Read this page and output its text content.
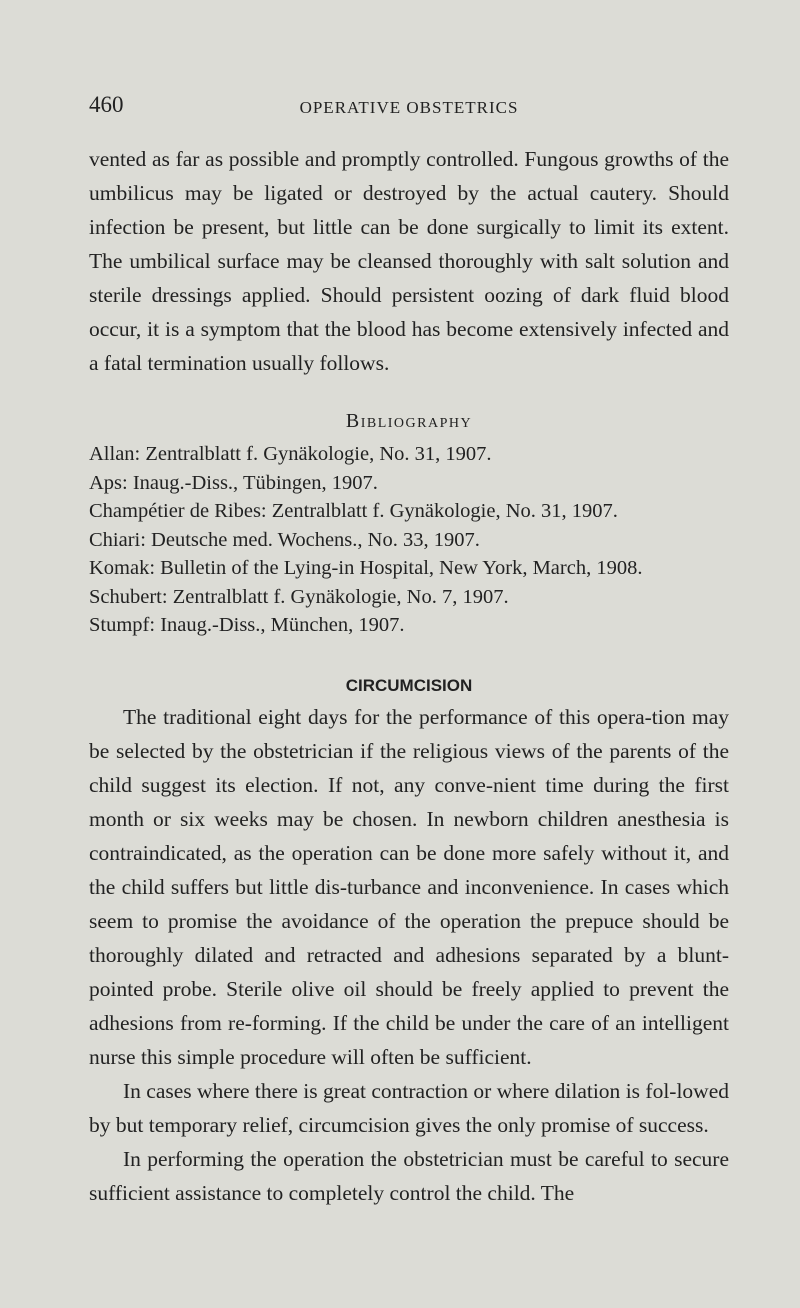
460	OPERATIVE OBSTETRICS

vented as far as possible and promptly controlled. Fungous growths of the umbilicus may be ligated or destroyed by the actual cautery. Should infection be present, but little can be done surgically to limit its extent. The umbilical surface may be cleansed thoroughly with salt solution and sterile dressings applied. Should persistent oozing of dark fluid blood occur, it is a symptom that the blood has become extensively infected and a fatal termination usually follows.

Bibliography

Allan: Zentralblatt f. Gynäkologie, No. 31, 1907.
Aps: Inaug.-Diss., Tübingen, 1907.
Champétier de Ribes: Zentralblatt f. Gynäkologie, No. 31, 1907.
Chiari: Deutsche med. Wochens., No. 33, 1907.
Komak: Bulletin of the Lying-in Hospital, New York, March, 1908.
Schubert: Zentralblatt f. Gynäkologie, No. 7, 1907.
Stumpf: Inaug.-Diss., München, 1907.

CIRCUMCISION

The traditional eight days for the performance of this opera-tion may be selected by the obstetrician if the religious views of the parents of the child suggest its election. If not, any conve-nient time during the first month or six weeks may be chosen. In newborn children anesthesia is contraindicated, as the operation can be done more safely without it, and the child suffers but little dis-turbance and inconvenience. In cases which seem to promise the avoidance of the operation the prepuce should be thoroughly dilated and retracted and adhesions separated by a blunt-pointed probe. Sterile olive oil should be freely applied to prevent the adhesions from re-forming. If the child be under the care of an intelligent nurse this simple procedure will often be sufficient.

In cases where there is great contraction or where dilation is fol-lowed by but temporary relief, circumcision gives the only promise of success.

In performing the operation the obstetrician must be careful to secure sufficient assistance to completely control the child. The
